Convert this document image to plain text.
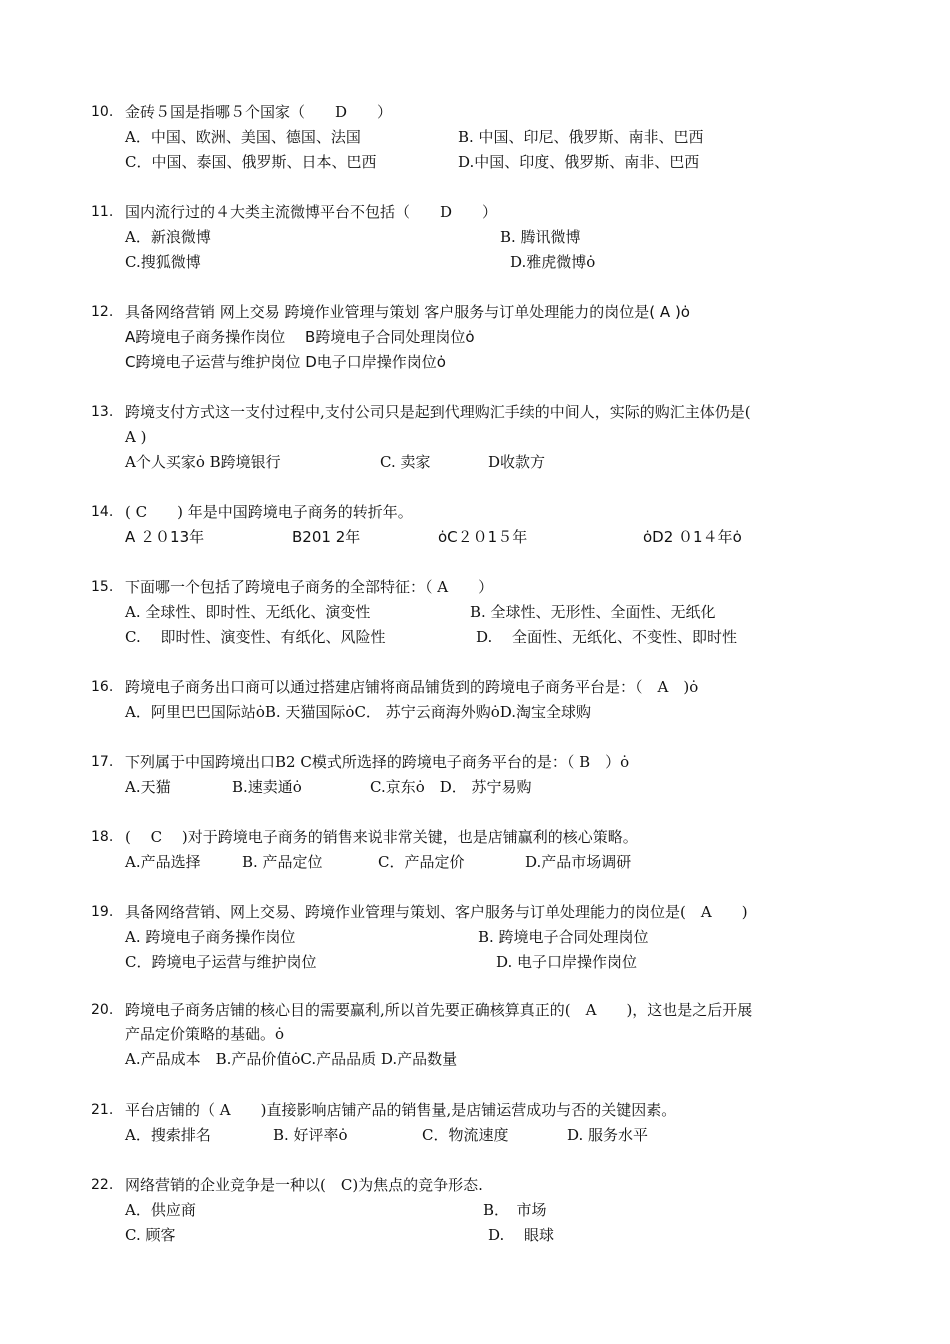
10. 金砖５国是指哪５个国家（　　D　　）
A．中国、欧洲、美国、德国、法国	B. 中国、印尼、俄罗斯、南非、巴西
C．中国、泰国、俄罗斯、日本、巴西	D.中国、印度、俄罗斯、南非、巴西
11. 国内流行过的４大类主流微博平台不包括（　　D　　）
A．新浪微博	B. 腾讯微博
C.搜狐微博	D.雅虎微博ȯ
12. 具备网络营销 网上交易 跨境作业管理与策划 客户服务与订单处理能力的岗位是( A )ȯ
A跨境电子商务操作岗位　 B跨境电子合同处理岗位ȯ
C跨境电子运营与维护岗位 D电子口岸操作岗位ȯ
13. 跨境支付方式这一支付过程中,支付公司只是起到代理购汇手续的中间人，实际的购汇主体仍是(
A )
A个人买家ȯ B跨境银行	C. 卖家	D收款方
14. ( C　　) 年是中国跨境电子商务的转折年。
A ２０13年	B201 2年	ȯC２０1５年	ȯD2 ０1４年ȯ
15. 下面哪一个包括了跨境电子商务的全部特征：（ A　　）
A. 全球性、即时性、无纸化、演变性	B. 全球性、无形性、全面性、无纸化
C.　 即时性、演变性、有纸化、风险性	D.　 全面性、无纸化、不变性、即时性
16. 跨境电子商务出口商可以通过搭建店铺将商品铺货到的跨境电子商务平台是：（　A　)ȯ
A．阿里巴巴国际站ȯB. 天猫国际ȯC． 苏宁云商海外购ȯD.淘宝全球购
17. 下列属于中国跨境出口B2 C模式所选择的跨境电子商务平台的是：（ B　）ȯ
A.天猫	B.速卖通ȯ	C.京东ȯ　D． 苏宁易购
18. (　 C　 )对于跨境电子商务的销售来说非常关键，也是店铺赢利的核心策略。
A.产品选择	B. 产品定位	C．产品定价	D.产品市场调研
19. 具备网络营销、网上交易、跨境作业管理与策划、客户服务与订单处理能力的岗位是(　A　　)
A. 跨境电子商务操作岗位	B. 跨境电子合同处理岗位
C．跨境电子运营与维护岗位	D. 电子口岸操作岗位
20. 跨境电子商务店铺的核心目的需要赢利,所以首先要正确核算真正的(　A　　)，这也是之后开展
产品定价策略的基础。ȯ
A.产品成本　B.产品价值ȯC.产品品质 D.产品数量
21. 平台店铺的（ A　　)直接影响店铺产品的销售量,是店铺运营成功与否的关键因素。
A．搜索排名	B. 好评率ȯ	C．物流速度	D. 服务水平
22. 网络营销的企业竞争是一种以(　C)为焦点的竞争形态.
A．供应商	B．　市场
C. 顾客	D.　 眼球
